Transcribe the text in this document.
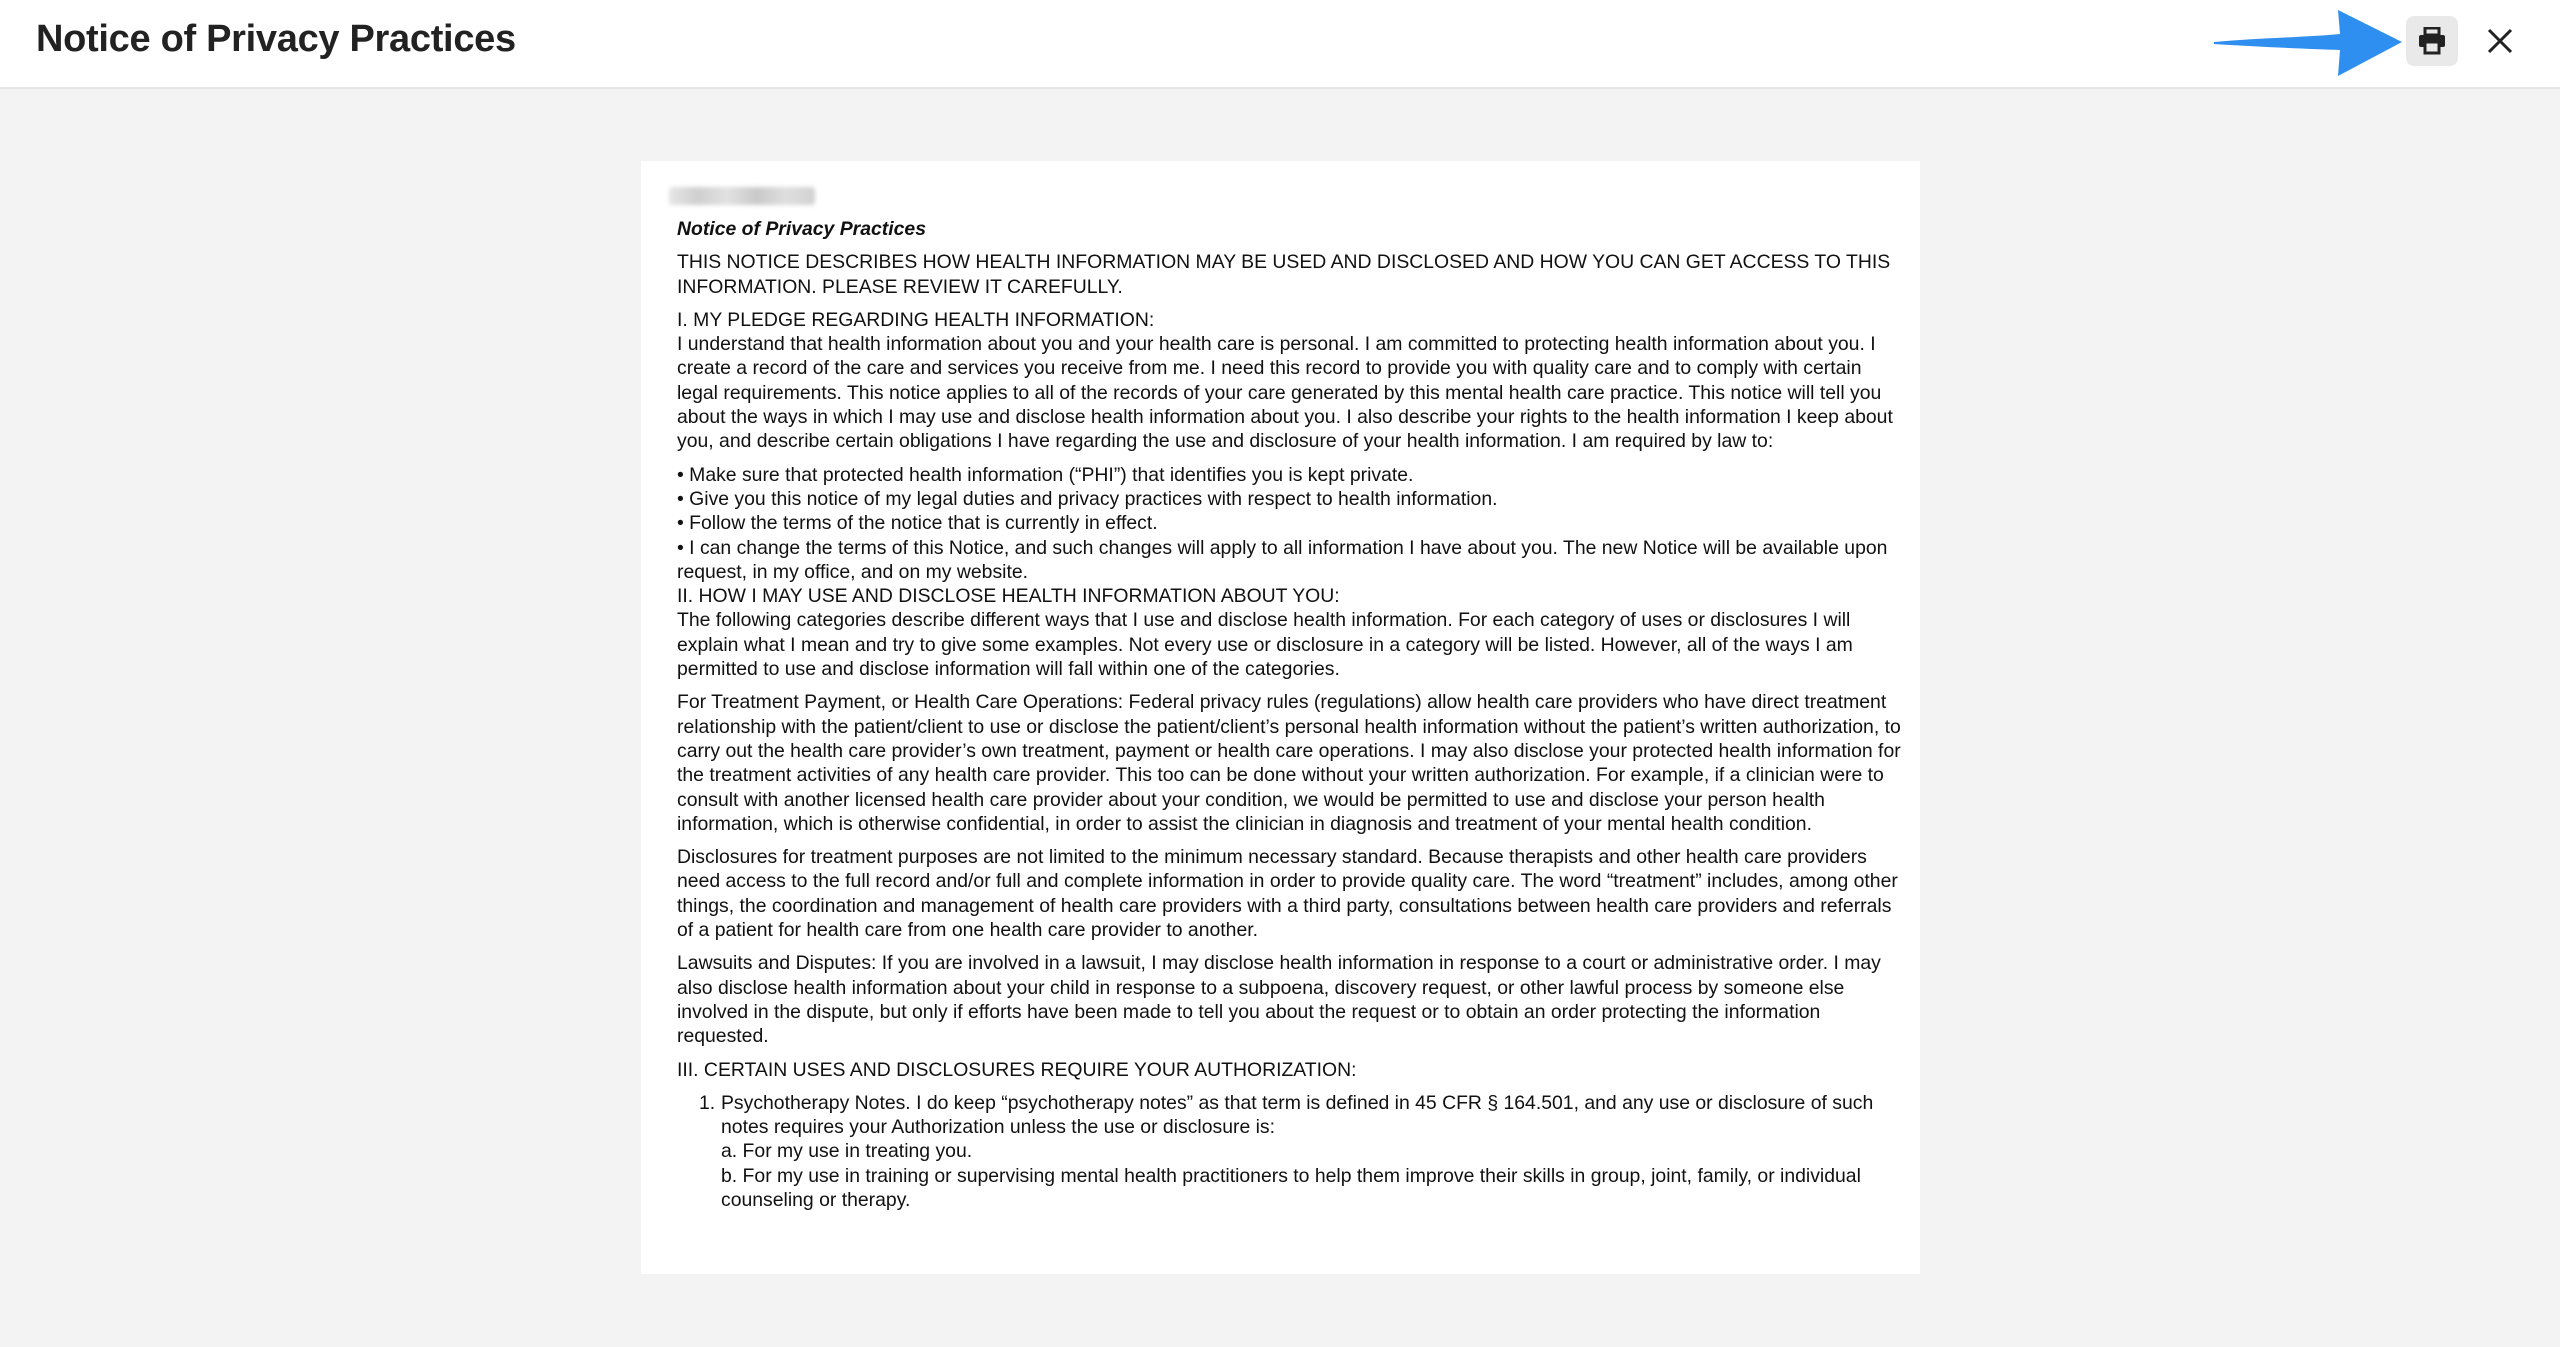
Notice of Privacy Practices
Notice of Privacy Practices
THIS NOTICE DESCRIBES HOW HEALTH INFORMATION MAY BE USED AND DISCLOSED AND HOW YOU CAN GET ACCESS TO THIS INFORMATION. PLEASE REVIEW IT CAREFULLY.
I. MY PLEDGE REGARDING HEALTH INFORMATION:
I understand that health information about you and your health care is personal. I am committed to protecting health information about you. I create a record of the care and services you receive from me. I need this record to provide you with quality care and to comply with certain legal requirements. This notice applies to all of the records of your care generated by this mental health care practice. This notice will tell you about the ways in which I may use and disclose health information about you. I also describe your rights to the health information I keep about you, and describe certain obligations I have regarding the use and disclosure of your health information. I am required by law to:
• Make sure that protected health information (“PHI”) that identifies you is kept private.
• Give you this notice of my legal duties and privacy practices with respect to health information.
• Follow the terms of the notice that is currently in effect.
• I can change the terms of this Notice, and such changes will apply to all information I have about you. The new Notice will be available upon request, in my office, and on my website.
II. HOW I MAY USE AND DISCLOSE HEALTH INFORMATION ABOUT YOU:
The following categories describe different ways that I use and disclose health information. For each category of uses or disclosures I will explain what I mean and try to give some examples. Not every use or disclosure in a category will be listed. However, all of the ways I am permitted to use and disclose information will fall within one of the categories.
For Treatment Payment, or Health Care Operations: Federal privacy rules (regulations) allow health care providers who have direct treatment relationship with the patient/client to use or disclose the patient/client’s personal health information without the patient’s written authorization, to carry out the health care provider’s own treatment, payment or health care operations. I may also disclose your protected health information for the treatment activities of any health care provider. This too can be done without your written authorization. For example, if a clinician were to consult with another licensed health care provider about your condition, we would be permitted to use and disclose your person health information, which is otherwise confidential, in order to assist the clinician in diagnosis and treatment of your mental health condition.
Disclosures for treatment purposes are not limited to the minimum necessary standard. Because therapists and other health care providers need access to the full record and/or full and complete information in order to provide quality care. The word “treatment” includes, among other things, the coordination and management of health care providers with a third party, consultations between health care providers and referrals of a patient for health care from one health care provider to another.
Lawsuits and Disputes: If you are involved in a lawsuit, I may disclose health information in response to a court or administrative order. I may also disclose health information about your child in response to a subpoena, discovery request, or other lawful process by someone else involved in the dispute, but only if efforts have been made to tell you about the request or to obtain an order protecting the information requested.
III. CERTAIN USES AND DISCLOSURES REQUIRE YOUR AUTHORIZATION:
1. Psychotherapy Notes. I do keep “psychotherapy notes” as that term is defined in 45 CFR § 164.501, and any use or disclosure of such notes requires your Authorization unless the use or disclosure is:
a. For my use in treating you.
b. For my use in training or supervising mental health practitioners to help them improve their skills in group, joint, family, or individual counseling or therapy.
